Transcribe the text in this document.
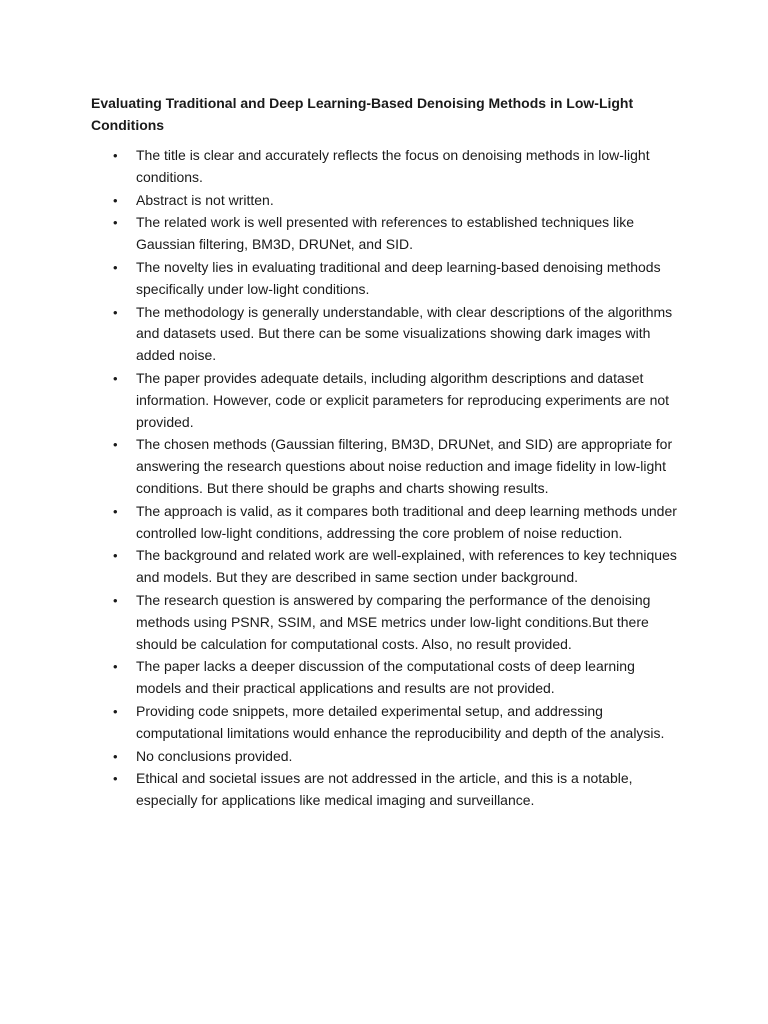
Evaluating Traditional and Deep Learning-Based Denoising Methods in Low-Light Conditions
•	The title is clear and accurately reflects the focus on denoising methods in low-light conditions.
•	Abstract is not written.
•	The related work is well presented with references to established techniques like Gaussian filtering, BM3D, DRUNet, and SID.
•	The novelty lies in evaluating traditional and deep learning-based denoising methods specifically under low-light conditions.
•	The methodology is generally understandable, with clear descriptions of the algorithms and datasets used. But there can be some visualizations showing dark images with added noise.
•	The paper provides adequate details, including algorithm descriptions and dataset information. However, code or explicit parameters for reproducing experiments are not provided.
•	The chosen methods (Gaussian filtering, BM3D, DRUNet, and SID) are appropriate for answering the research questions about noise reduction and image fidelity in low-light conditions. But there should be graphs and charts showing results.
•	The approach is valid, as it compares both traditional and deep learning methods under controlled low-light conditions, addressing the core problem of noise reduction.
•	The background and related work are well-explained, with references to key techniques and models. But they are described in same section under background.
•	The research question is answered by comparing the performance of the denoising methods using PSNR, SSIM, and MSE metrics under low-light conditions.But there should be calculation for computational costs. Also, no result provided.
•	The paper lacks a deeper discussion of the computational costs of deep learning models and their practical applications and results are not provided.
•	Providing code snippets, more detailed experimental setup, and addressing computational limitations would enhance the reproducibility and depth of the analysis.
•	No conclusions provided.
•	Ethical and societal issues are not addressed in the article, and this is a notable, especially for applications like medical imaging and surveillance.
